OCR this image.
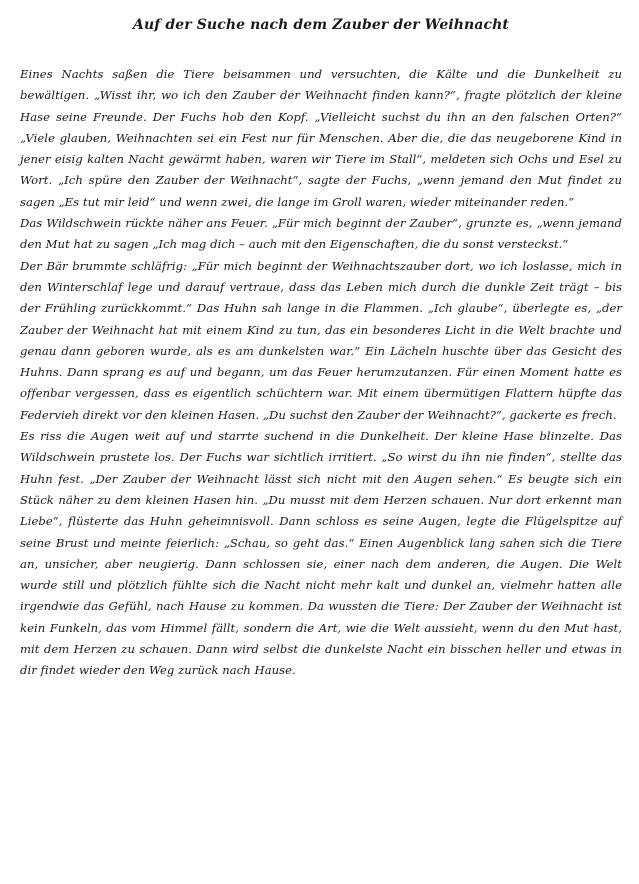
Auf der Suche nach dem Zauber der Weihnacht

Eines Nachts saßen die Tiere beisammen und versuchten, die Kälte und die Dunkelheit zu bewältigen. „Wisst ihr, wo ich den Zauber der Weihnacht finden kann?“, fragte plötzlich der kleine Hase seine Freunde. Der Fuchs hob den Kopf. „Vielleicht suchst du ihn an den falschen Orten?“ „Viele glauben, Weihnachten sei ein Fest nur für Menschen. Aber die, die das neugeborene Kind in jener eisig kalten Nacht gewärmt haben, waren wir Tiere im Stall“, meldeten sich Ochs und Esel zu Wort. „Ich spüre den Zauber der Weihnacht“, sagte der Fuchs, „wenn jemand den Mut findet zu sagen „Es tut mir leid“ und wenn zwei, die lange im Groll waren, wieder miteinander reden.“

Das Wildschwein rückte näher ans Feuer. „Für mich beginnt der Zauber“, grunzte es, „wenn jemand den Mut hat zu sagen „Ich mag dich – auch mit den Eigenschaften, die du sonst versteckst.“

Der Bär brummte schläfrig: „Für mich beginnt der Weihnachtszauber dort, wo ich loslasse, mich in den Winterschlaf lege und darauf vertraue, dass das Leben mich durch die dunkle Zeit trägt – bis der Frühling zurückkommt.“ Das Huhn sah lange in die Flammen. „Ich glaube“, überlegte es, „der Zauber der Weihnacht hat mit einem Kind zu tun, das ein besonderes Licht in die Welt brachte und genau dann geboren wurde, als es am dunkelsten war.“ Ein Lächeln huschte über das Gesicht des Huhns. Dann sprang es auf und begann, um das Feuer herumzutanzen. Für einen Moment hatte es offenbar vergessen, dass es eigentlich schüchtern war. Mit einem übermütigen Flattern hüpfte das Federvieh direkt vor den kleinen Hasen. „Du suchst den Zauber der Weihnacht?“, gackerte es frech.

Es riss die Augen weit auf und starrte suchend in die Dunkelheit. Der kleine Hase blinzelte. Das Wildschwein prustete los. Der Fuchs war sichtlich irritiert. „So wirst du ihn nie finden“, stellte das Huhn fest. „Der Zauber der Weihnacht lässt sich nicht mit den Augen sehen.“ Es beugte sich ein Stück näher zu dem kleinen Hasen hin. „Du musst mit dem Herzen schauen. Nur dort erkennt man Liebe“, flüsterte das Huhn geheimnisvoll. Dann schloss es seine Augen, legte die Flügelspitze auf seine Brust und meinte feierlich: „Schau, so geht das.“ Einen Augenblick lang sahen sich die Tiere an, unsicher, aber neugierig. Dann schlossen sie, einer nach dem anderen, die Augen. Die Welt wurde still und plötzlich fühlte sich die Nacht nicht mehr kalt und dunkel an, vielmehr hatten alle irgendwie das Gefühl, nach Hause zu kommen. Da wussten die Tiere: Der Zauber der Weihnacht ist kein Funkeln, das vom Himmel fällt, sondern die Art, wie die Welt aussieht, wenn du den Mut hast, mit dem Herzen zu schauen. Dann wird selbst die dunkelste Nacht ein bisschen heller und etwas in dir findet wieder den Weg zurück nach Hause.
